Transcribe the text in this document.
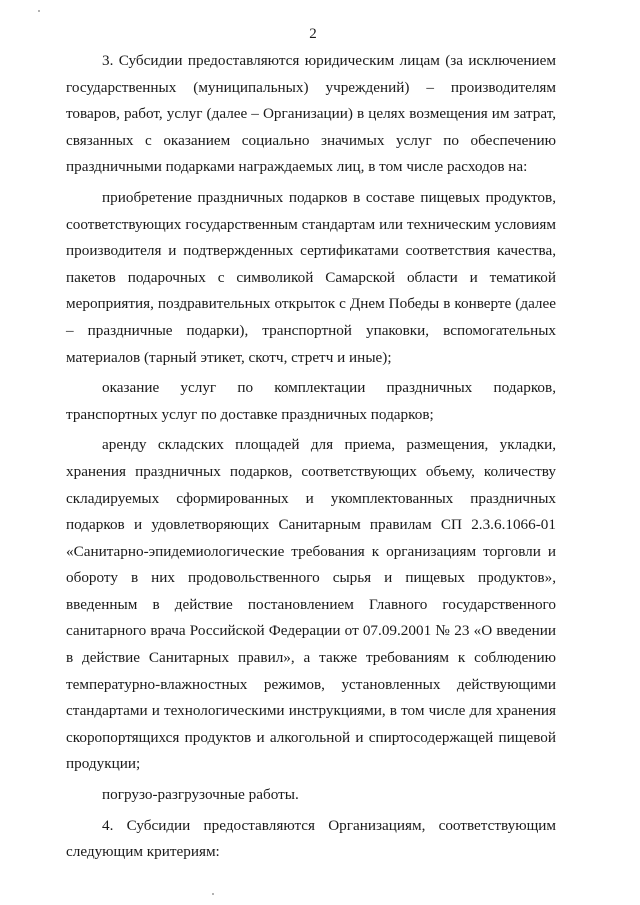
2

3. Субсидии предоставляются юридическим лицам (за исключением государственных (муниципальных) учреждений) – производителям товаров, работ, услуг (далее – Организации) в целях возмещения им затрат, связанных с оказанием социально значимых услуг по обеспечению праздничными подарками награждаемых лиц, в том числе расходов на:

приобретение праздничных подарков в составе пищевых продуктов, соответствующих государственным стандартам или техническим условиям производителя и подтвержденных сертификатами соответствия качества, пакетов подарочных с символикой Самарской области и тематикой мероприятия, поздравительных открыток с Днем Победы в конверте (далее – праздничные подарки), транспортной упаковки, вспомогательных материалов (тарный этикет, скотч, стретч и иные);

оказание услуг по комплектации праздничных подарков, транспортных услуг по доставке праздничных подарков;

аренду складских площадей для приема, размещения, укладки, хранения праздничных подарков, соответствующих объему, количеству складируемых сформированных и укомплектованных праздничных подарков и удовлетворяющих Санитарным правилам СП 2.3.6.1066-01 «Санитарно-эпидемиологические требования к организациям торговли и обороту в них продовольственного сырья и пищевых продуктов», введенным в действие постановлением Главного государственного санитарного врача Российской Федерации от 07.09.2001 № 23 «О введении в действие Санитарных правил», а также требованиям к соблюдению температурно-влажностных режимов, установленных действующими стандартами и технологическими инструкциями, в том числе для хранения скоропортящихся продуктов и алкогольной и спиртосодержащей пищевой продукции;

погрузо-разгрузочные работы.

4. Субсидии предоставляются Организациям, соответствующим следующим критериям:
